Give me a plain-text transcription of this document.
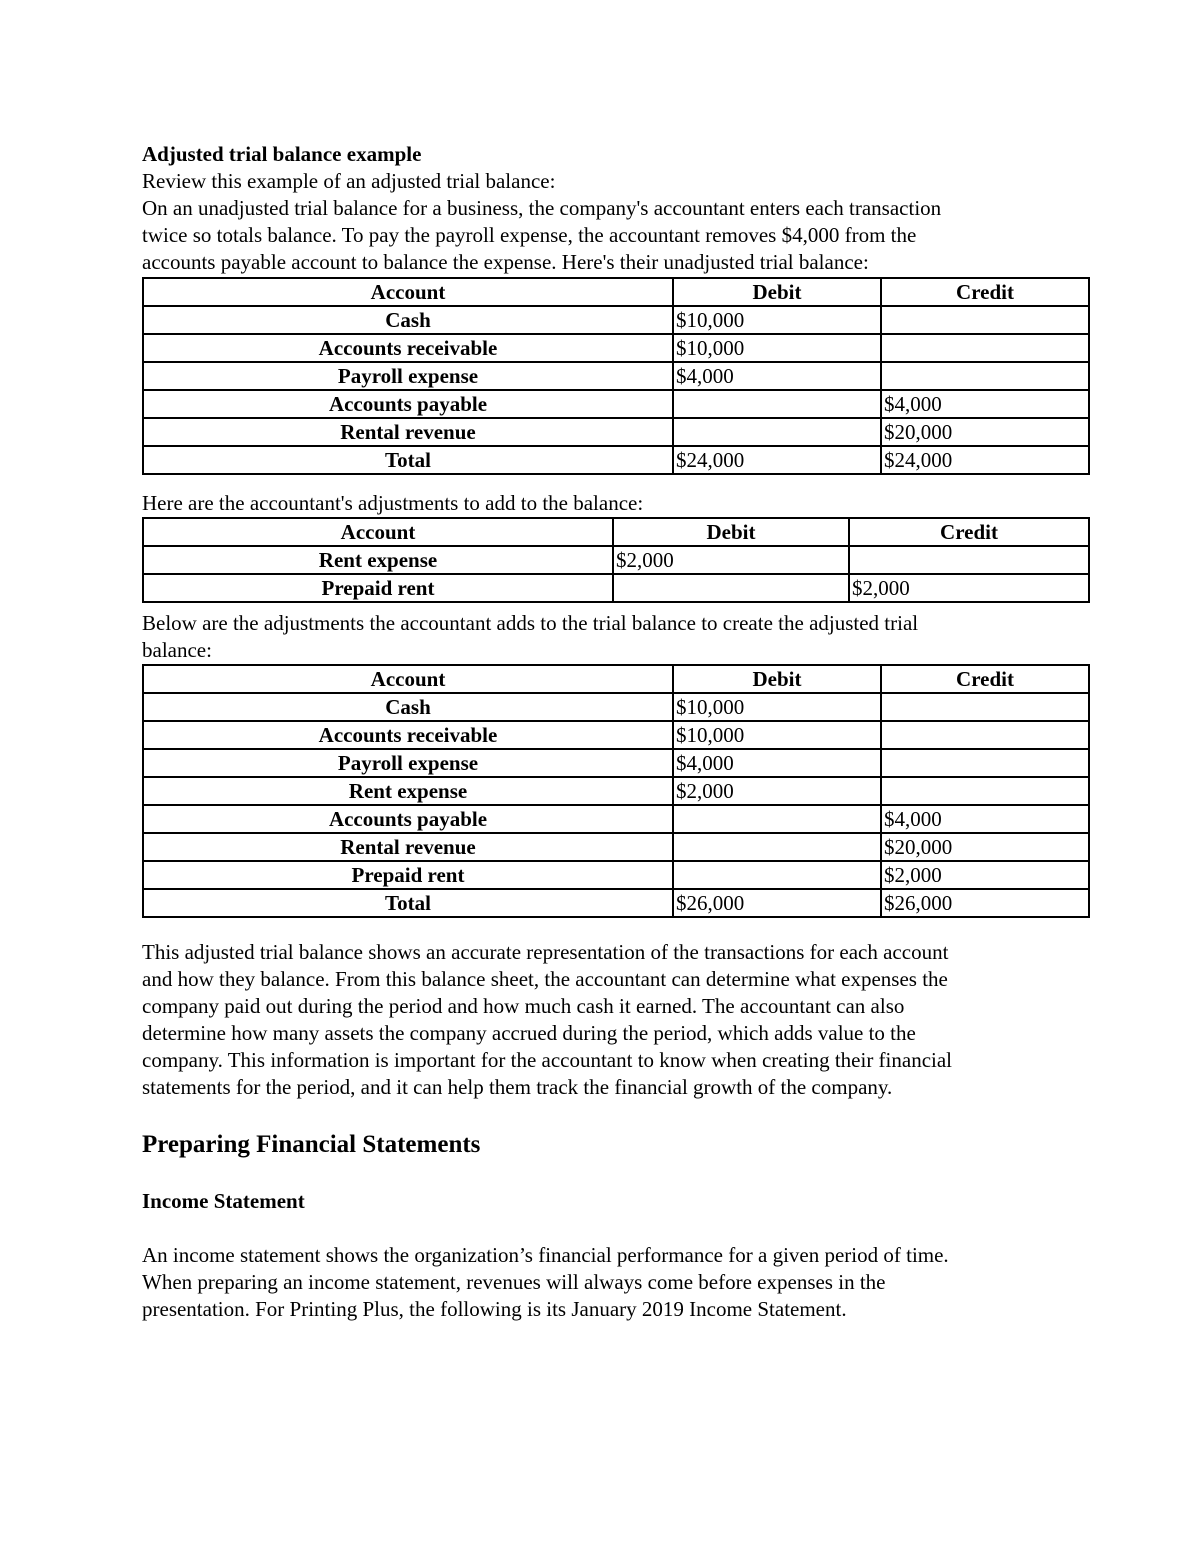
Adjusted trial balance example

Review this example of an adjusted trial balance:

On an unadjusted trial balance for a business, the company's accountant enters each transaction

twice so totals balance. To pay the payroll expense, the accountant removes $4,000 from the

accounts payable account to balance the expense. Here's their unadjusted trial balance:

Account	Debit	Credit
Cash	$10,000	
Accounts receivable	$10,000	
Payroll expense	$4,000	
Accounts payable		$4,000
Rental revenue		$20,000
Total	$24,000	$24,000

Here are the accountant's adjustments to add to the balance:

Account	Debit	Credit
Rent expense	$2,000	
Prepaid rent		$2,000

Below are the adjustments the accountant adds to the trial balance to create the adjusted trial

balance:

Account	Debit	Credit
Cash	$10,000	
Accounts receivable	$10,000	
Payroll expense	$4,000	
Rent expense	$2,000	
Accounts payable		$4,000
Rental revenue		$20,000
Prepaid rent		$2,000
Total	$26,000	$26,000

This adjusted trial balance shows an accurate representation of the transactions for each account

and how they balance. From this balance sheet, the accountant can determine what expenses the

company paid out during the period and how much cash it earned. The accountant can also

determine how many assets the company accrued during the period, which adds value to the

company. This information is important for the accountant to know when creating their financial

statements for the period, and it can help them track the financial growth of the company.

Preparing Financial Statements

Income Statement

An income statement shows the organization’s financial performance for a given period of time.

When preparing an income statement, revenues will always come before expenses in the

presentation. For Printing Plus, the following is its January 2019 Income Statement.
